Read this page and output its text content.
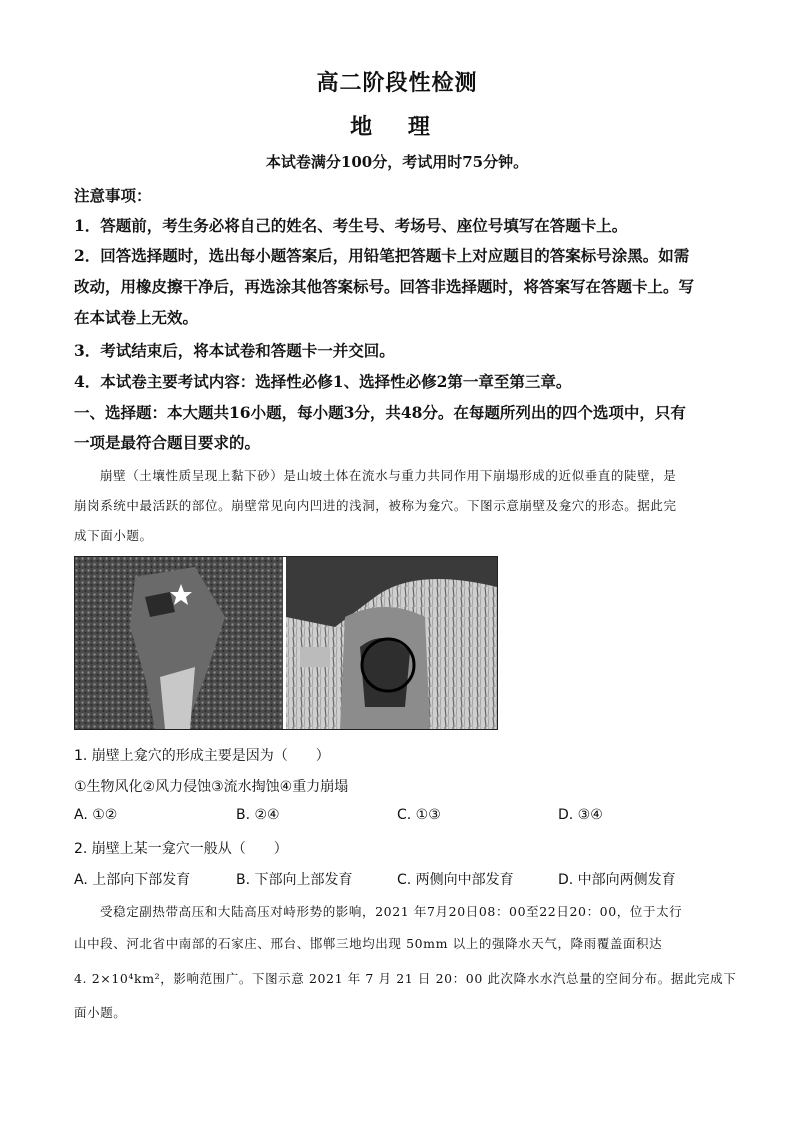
高二阶段性检测
地 理
本试卷满分100分，考试用时75分钟。
注意事项：
1．答题前，考生务必将自己的姓名、考生号、考场号、座位号填写在答题卡上。
2．回答选择题时，选出每小题答案后，用铅笔把答题卡上对应题目的答案标号涂黑。如需
改动，用橡皮擦干净后，再选涂其他答案标号。回答非选择题时，将答案写在答题卡上。写
在本试卷上无效。
3．考试结束后，将本试卷和答题卡一并交回。
4．本试卷主要考试内容：选择性必修1、选择性必修2第一章至第三章。
一、选择题：本大题共16小题，每小题3分，共48分。在每题所列出的四个选项中，只有
一项是最符合题目要求的。
崩壁（土壤性质呈现上黏下砂）是山坡土体在流水与重力共同作用下崩塌形成的近似垂直的陡壁，是
崩岗系统中最活跃的部位。崩壁常见向内凹进的浅洞，被称为龛穴。下图示意崩壁及龛穴的形态。据此完
成下面小题。
1. 崩壁上龛穴的形成主要是因为（　　）
①生物风化②风力侵蚀③流水掏蚀④重力崩塌
A. ①②	B. ②④	C. ①③	D. ③④
2. 崩壁上某一龛穴一般从（　　）
A. 上部向下部发育	B. 下部向上部发育	C. 两侧向中部发育	D. 中部向两侧发育
受稳定副热带高压和大陆高压对峙形势的影响，2021 年7月20日08：00至22日20：00，位于太行
山中段、河北省中南部的石家庄、邢台、邯郸三地均出现 50mm 以上的强降水天气，降雨覆盖面积达
4. 2×10⁴km²，影响范围广。下图示意 2021 年 7 月 21 日 20：00 此次降水水汽总量的空间分布。据此完成下
面小题。
